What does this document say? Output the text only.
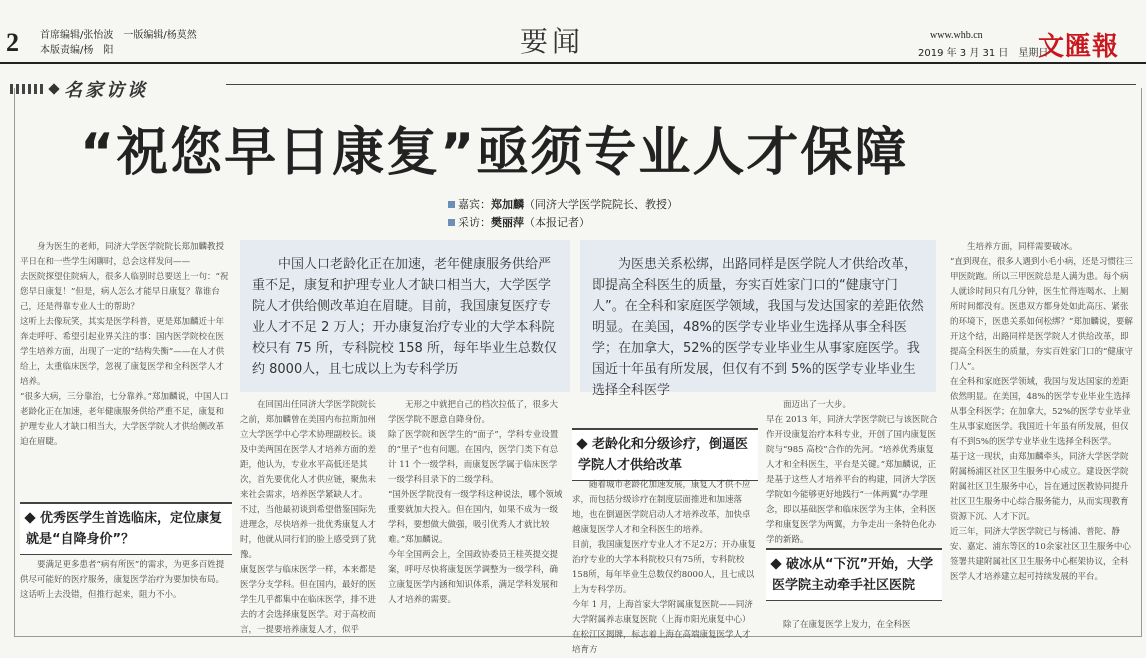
2 首席编辑/张怡波　一版编辑/杨莫然
本版责编/杨　阳	要闻	www.whb.cn
2019 年 3 月 31 日　星期日
文匯報
名家访谈
“祝您早日康复”亟须专业人才保障
嘉宾：郑加麟（同济大学医学院院长、教授）
采访：樊丽萍（本报记者）
中国人口老龄化正在加速，老年健康服务供给严重不足，康复和护理专业人才缺口相当大，大学医学院人才供给侧改革迫在眉睫。目前，我国康复医疗专业人才不足 2 万人；开办康复治疗专业的大学本科院校只有 75 所，专科院校 158 所，每年毕业生总数仅约 8000人，且七成以上为专科学历
为医患关系松绑，出路同样是医学院人才供给改革，即提高全科医生的质量，夯实百姓家门口的“健康守门人”。在全科和家庭医学领域，我国与发达国家的差距依然明显。在美国，48%的医学专业毕业生选择从事全科医学；在加拿大，52%的医学专业毕业生从事家庭医学。我国近十年虽有所发展，但仅有不到 5%的医学专业毕业生选择全科医学
身为医生的老师，同济大学医学院院长郑加麟教授平日在和一些学生闲聊时，总会这样发问——
去医院探望住院病人，很多人临别时总要送上一句：“祝您早日康复！”但是，病人怎么才能早日康复？靠谁台己，还是得靠专业人士的帮助？
这听上去像玩笑，其实是医学科普，更是郑加麟近十年奔走呼吁、希望引起业界关注的事：国内医学院校在医学生培养方面，出现了一定的“结构失衡”——在人才供给上，太重临床医学，忽视了康复医学和全科医学人才培养。
“很多大病，三分靠治，七分靠养。”郑加麟说，中国人口老龄化正在加速，老年健康服务供给严重不足，康复和护理专业人才缺口相当大，大学医学院人才供给侧改革迫在眉睫。
优秀医学生首选临床，定位康复就是“自降身价”？
要满足更多患者“病有所医”的需求，为更多百姓提供尽可能好的医疗服务，康复医学治疗为要加快布局。这话听上去没错，但推行起来，阻力不小。
在回国出任同济大学医学院院长之前，郑加麟曾在美国内布拉斯加州立大学医学中心学术协理副校长。谈及中美两国在医学人才培养方面的差距，他认为，专业水平高低还是其次，首先要优化人才供应链，聚焦未来社会需求，培养医学紧缺人才。
不过，当他最初谈到希望借鉴国际先进理念，尽快培养一批优秀康复人才时，他就从同行们的脸上感受到了犹豫。
康复医学与临床医学一样，本来都是医学分支学科。但在国内，最好的医学生几乎都集中在临床医学，排不进去的才会选择康复医学。对于高校而言，一提要培养康复人才，似乎
无形之中就把自己的档次拉低了，很多大学医学院不愿意自降身份。
除了医学院和医学生的“面子”，学科专业设置的“里子”也有问题。在国内，医学门类下有总计 11 个一级学科，而康复医学属于临床医学一级学科目录下的二级学科。
“国外医学院没有一级学科这种说法，哪个领域重要就加大投入。但在国内，如果不成为一级学科，要想做大做强，吸引优秀人才就比较难。”郑加麟说。
今年全国两会上，全国政协委员王桂英提交提案，呼吁尽快将康复医学调整为一级学科，确立康复医学内涵和知识体系，满足学科发展和人才培养的需要。
老龄化和分级诊疗，倒逼医学院人才供给改革
随着城市老龄化加速发展，康复人才供不应求，而包括分级诊疗在制度层面推进和加速落地，也在倒逼医学院启动人才培养改革，加快卓越康复医学人才和全科医生的培养。
目前，我国康复医疗专业人才不足2万；开办康复治疗专业的大学本科院校只有75所，专科院校158所，每年毕业生总数仅约8000人，且七成以上为专科学历。
今年 1 月，上海首家大学附属康复医院——同济大学附属养志康复医院（上海市阳光康复中心）在松江区揭牌，标志着上海在高端康复医学人才培育方
面迈出了一大步。
早在 2013 年，同济大学医学院已与该医院合作开设康复治疗本科专业，开创了国内康复医院与“985 高校”合作的先河。“培养优秀康复人才和全科医生，平台是关键。”郑加麟说，正是基于这些人才培养平台的构建，同济大学医学院如今能够更好地践行“一体两翼”办学理念，即以基础医学和临床医学为主体，全科医学和康复医学为两翼，力争走出一条特色化办学的新路。
破冰从“下沉”开始，大学医学院主动牵手社区医院
除了在康复医学上发力，在全科医
生培养方面，同样需要破冰。
“直到现在，很多人遇到小毛小病，还是习惯往三甲医院跑。所以三甲医院总是人满为患。每个病人就诊时间只有几分钟，医生忙得连喝水、上厕所时间都没有。医患双方都身处如此高压、紧张的环境下，医患关系如何松绑？”郑加麟说，要解开这个结，出路同样是医学院人才供给改革，即提高全科医生的质量，夯实百姓家门口的“健康守门人”。
在全科和家庭医学领域，我国与发达国家的差距依然明显。在美国，48%的医学专业毕业生选择从事全科医学；在加拿大，52%的医学专业毕业生从事家庭医学。我国近十年虽有所发展，但仅有不到5%的医学专业毕业生选择全科医学。
基于这一现状，由郑加麟牵头，同济大学医学院附属杨浦区社区卫生服务中心成立。建设医学院附属社区卫生服务中心，旨在通过医教协同提升社区卫生服务中心综合服务能力，从而实现教育资源下沉、人才下沉。
近三年，同济大学医学院已与杨浦、普陀、静安、嘉定、浦东等区的10余家社区卫生服务中心签署共建附属社区卫生服务中心框架协议，全科医学人才培养建立起可持续发展的平台。
